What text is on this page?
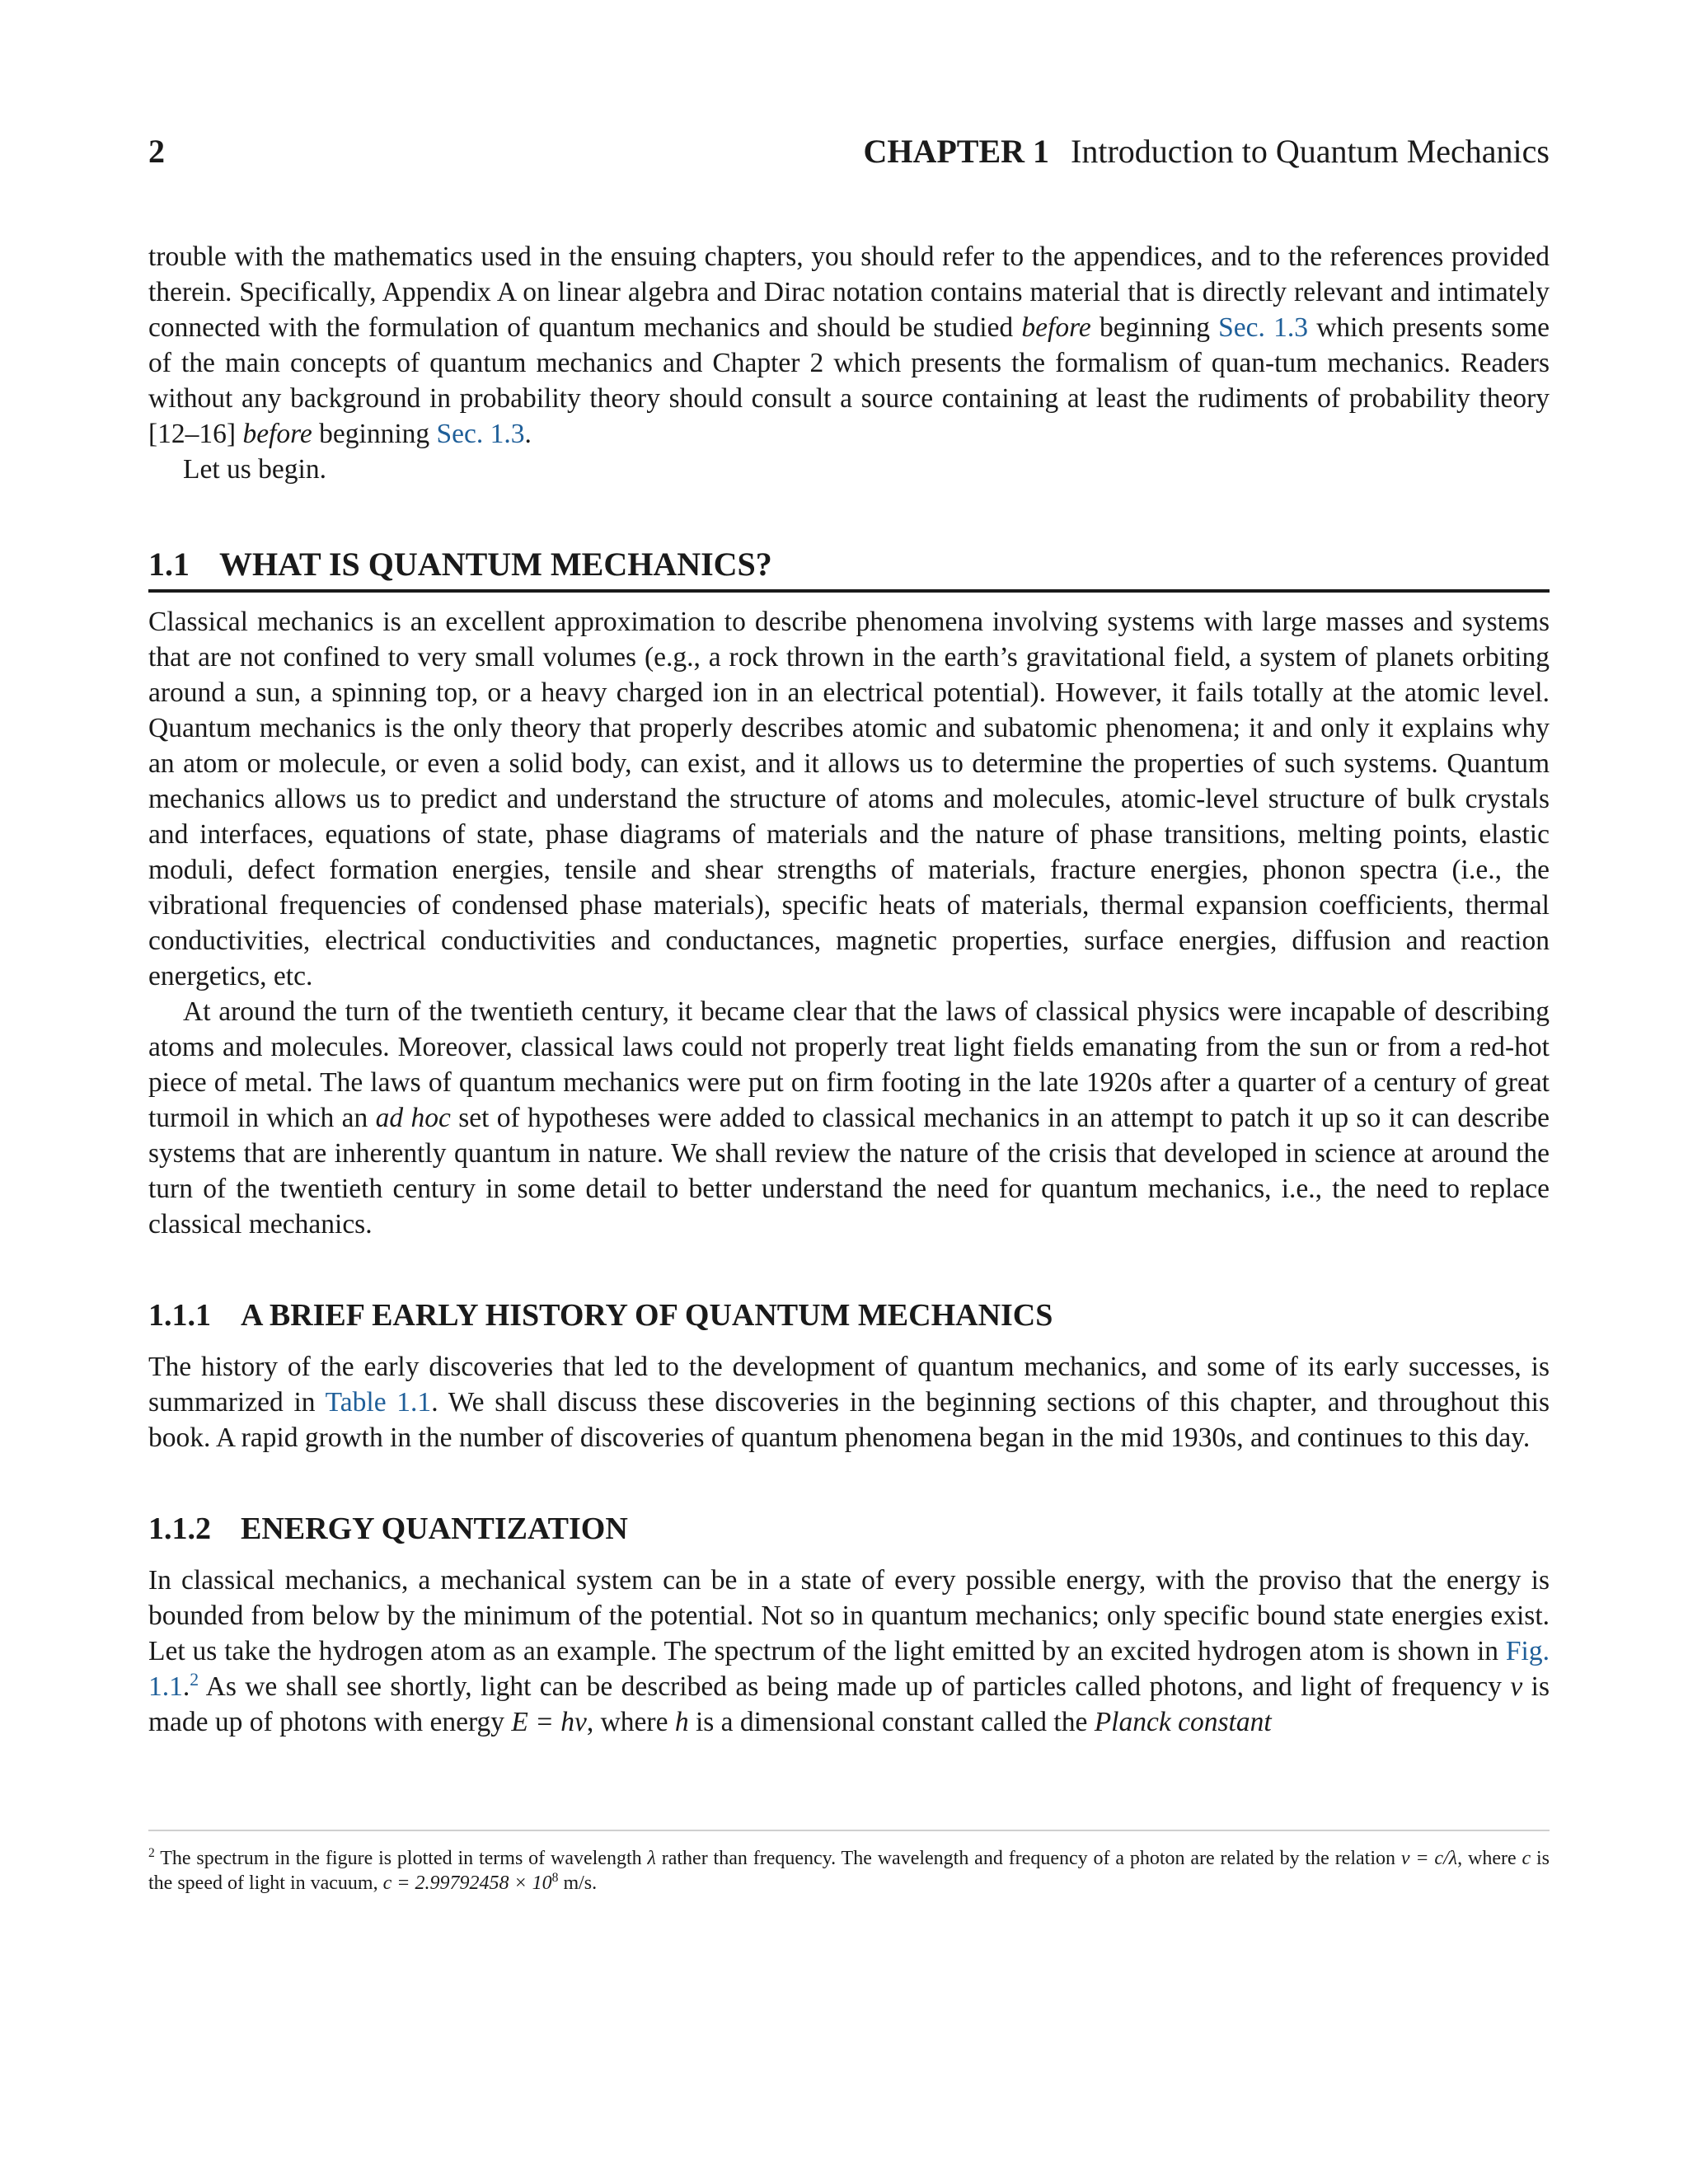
2	CHAPTER 1 Introduction to Quantum Mechanics

trouble with the mathematics used in the ensuing chapters, you should refer to the appendices, and to the references provided therein. Specifically, Appendix A on linear algebra and Dirac notation contains material that is directly relevant and intimately connected with the formulation of quantum mechanics and should be studied before beginning Sec. 1.3 which presents some of the main concepts of quantum mechanics and Chapter 2 which presents the formalism of quan-tum mechanics. Readers without any background in probability theory should consult a source containing at least the rudiments of probability theory [12–16] before beginning Sec. 1.3.

Let us begin.

1.1 WHAT IS QUANTUM MECHANICS?

Classical mechanics is an excellent approximation to describe phenomena involving systems with large masses and systems that are not confined to very small volumes (e.g., a rock thrown in the earth’s gravitational field, a system of planets orbiting around a sun, a spinning top, or a heavy charged ion in an electrical potential). However, it fails totally at the atomic level. Quantum mechanics is the only theory that properly describes atomic and subatomic phenomena; it and only it explains why an atom or molecule, or even a solid body, can exist, and it allows us to determine the properties of such systems. Quantum mechanics allows us to predict and understand the structure of atoms and molecules, atomic-level structure of bulk crystals and interfaces, equations of state, phase diagrams of materials and the nature of phase transitions, melting points, elastic moduli, defect formation energies, tensile and shear strengths of materials, fracture energies, phonon spectra (i.e., the vibrational frequencies of condensed phase materials), specific heats of materials, thermal expansion coefficients, thermal conductivities, electrical conductivities and conductances, magnetic properties, surface energies, diffusion and reaction energetics, etc.

At around the turn of the twentieth century, it became clear that the laws of classical physics were incapable of describing atoms and molecules. Moreover, classical laws could not properly treat light fields emanating from the sun or from a red-hot piece of metal. The laws of quantum mechanics were put on firm footing in the late 1920s after a quarter of a century of great turmoil in which an ad hoc set of hypotheses were added to classical mechanics in an attempt to patch it up so it can describe systems that are inherently quantum in nature. We shall review the nature of the crisis that developed in science at around the turn of the twentieth century in some detail to better understand the need for quantum mechanics, i.e., the need to replace classical mechanics.

1.1.1 A BRIEF EARLY HISTORY OF QUANTUM MECHANICS

The history of the early discoveries that led to the development of quantum mechanics, and some of its early successes, is summarized in Table 1.1. We shall discuss these discoveries in the beginning sections of this chapter, and throughout this book. A rapid growth in the number of discoveries of quantum phenomena began in the mid 1930s, and continues to this day.

1.1.2 ENERGY QUANTIZATION

In classical mechanics, a mechanical system can be in a state of every possible energy, with the proviso that the energy is bounded from below by the minimum of the potential. Not so in quantum mechanics; only specific bound state energies exist. Let us take the hydrogen atom as an example. The spectrum of the light emitted by an excited hydrogen atom is shown in Fig. 1.1.$^2$ As we shall see shortly, light can be described as being made up of particles called photons, and light of frequency ν is made up of photons with energy E = hν, where h is a dimensional constant called the Planck constant

$^2$ The spectrum in the figure is plotted in terms of wavelength λ rather than frequency. The wavelength and frequency of a photon are related by the relation ν = c/λ, where c is the speed of light in vacuum, $c = 2.99792458 \times 10^8$ m/s.
